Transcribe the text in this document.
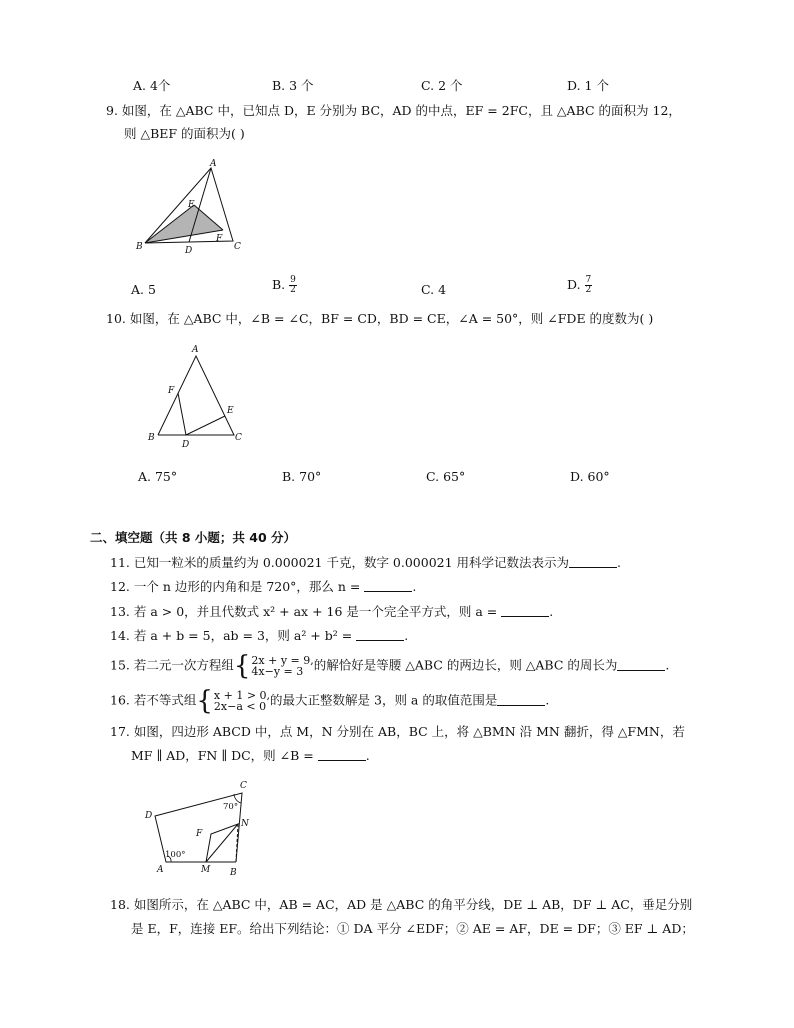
A. 4个	B. 3 个	C. 2 个	D. 1 个
9. 如图，在 △ABC 中，已知点 D，E 分别为 BC，AD 的中点，EF = 2FC，且 △ABC 的面积为 12，
则 △BEF 的面积为( )
A
E
F
B	D	C
A. 5	B. $\frac{9}{2}$	C. 4	D. $\frac{7}{2}$
10. 如图，在 △ABC 中，∠B = ∠C，BF = CD，BD = CE，∠A = 50°，则 ∠FDE 的度数为( )
A
F
E
B
D
C
A. 75°	B. 70°	C. 65°	D. 60°
二、填空题（共 8 小题；共 40 分）
11. 已知一粒米的质量约为 0.000021 千克，数字 0.000021 用科学记数法表示为	.
12. 一个 n 边形的内角和是 720°，那么 n =	.
13. 若 a > 0，并且代数式 x² + ax + 16 是一个完全平方式，则 a =	.
14. 若 a + b = 5，ab = 3，则 a² + b² =	.
15. 若二元一次方程组 { 2x + y = 9,
4x−y = 3 的解恰好是等腰 △ABC 的两边长，则 △ABC 的周长为	.
16. 若不等式组 { x + 1 > 0,
2x−a < 0 的最大正整数解是 3，则 a 的取值范围是	.
17. 如图，四边形 ABCD 中，点 M，N 分别在 AB，BC 上，将 △BMN 沿 MN 翻折，得 △FMN，若
MF ∥ AD，FN ∥ DC，则 ∠B =	.
C
D
F
N
A	M B
70°
100°
18. 如图所示，在 △ABC 中，AB = AC，AD 是 △ABC 的角平分线，DE ⊥ AB，DF ⊥ AC，垂足分别
是 E，F，连接 EF。给出下列结论：① DA 平分 ∠EDF；② AE = AF，DE = DF；③ EF ⊥ AD；
